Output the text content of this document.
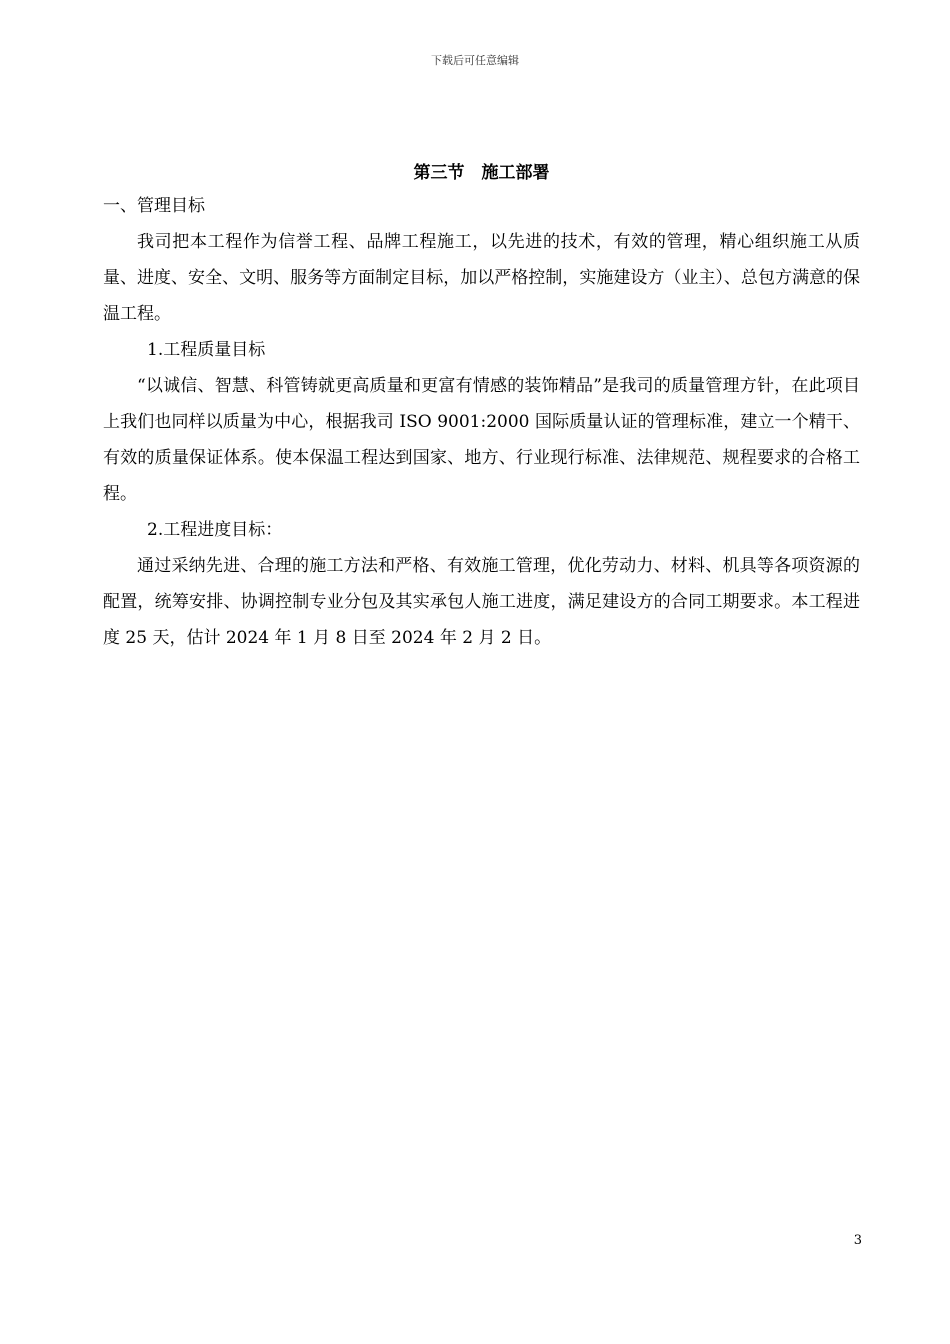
下载后可任意编辑
第三节　施工部署

一、管理目标

我司把本工程作为信誉工程、品牌工程施工，以先进的技术，有效的管理，精心组织施工从质量、进度、安全、文明、服务等方面制定目标，加以严格控制，实施建设方（业主）、总包方满意的保温工程。

1.工程质量目标

“以诚信、智慧、科管铸就更高质量和更富有情感的装饰精品”是我司的质量管理方针，在此项目上我们也同样以质量为中心，根据我司 ISO 9001:2000 国际质量认证的管理标准，建立一个精干、有效的质量保证体系。使本保温工程达到国家、地方、行业现行标准、法律规范、规程要求的合格工程。

2.工程进度目标：

通过采纳先进、合理的施工方法和严格、有效施工管理，优化劳动力、材料、机具等各项资源的配置，统筹安排、协调控制专业分包及其实承包人施工进度，满足建设方的合同工期要求。本工程进度 25 天，估计 2024 年 1 月 8 日至 2024 年 2 月 2 日。

3
